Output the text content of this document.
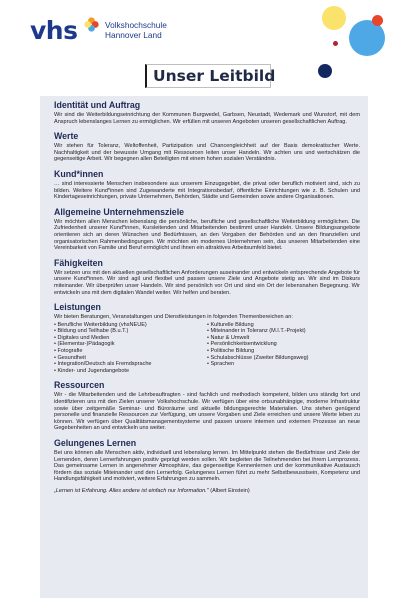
vhs	Volkshochschule
Hannover Land
Unser Leitbild
Identität und Auftrag

Wir sind die Weiterbildungseinrichtung der Kommunen Burgwedel, Garbsen, Neustadt, Wedemark und Wunstorf, mit dem Anspruch lebenslanges Lernen zu ermöglichen. Wir erfüllen mit unseren Angeboten unseren gesellschaftlichen Auftrag.

Werte

Wir stehen für Toleranz, Weltoffenheit, Partizipation und Chancengleichheit auf der Basis demokratischer Werte. Nachhaltigkeit und der bewusste Umgang mit Ressourcen leiten unser Handeln. Wir achten uns und wertschätzen die gegenseitige Arbeit. Wir begegnen allen Beteiligten mit einem hohen sozialen Verständnis.

Kund*innen

… sind interessierte Menschen insbesondere aus unserem Einzugsgebiet, die privat oder beruflich motiviert sind, sich zu bilden. Weitere Kund*innen sind Zugewanderte mit Integrationsbedarf, öffentliche Einrichtungen wie z. B. Schulen und Kindertageseinrichtungen, private Unternehmen, Behörden, Städte und Gemeinden sowie andere Organisationen.

Allgemeine Unternehmensziele

Wir möchten allen Menschen lebenslang die persönliche, berufliche und gesellschaftliche Weiterbildung ermöglichen. Die Zufriedenheit unserer Kund*innen, Kursleitenden und Mitarbeitenden bestimmt unser Handeln. Unsere Bildungsangebote orientieren sich an deren Wünschen und Bedürfnissen, an den Vorgaben der Behörden und an den finanziellen und organisatorischen Rahmenbedingungen. Wir möchten ein modernes Unternehmen sein, das unseren Mitarbeitenden eine Vereinbarkeit von Familie und Beruf ermöglicht und ihnen ein attraktives Arbeitsumfeld bietet.

Fähigkeiten

Wir setzen uns mit den aktuellen gesellschaftlichen Anforderungen auseinander und entwickeln entsprechende Angebote für unsere Kund*innen. Wir sind agil und flexibel und passen unsere Ziele und Angebote stetig an. Wir sind im Diskurs miteinander. Wir überprüfen unser Handeln. Wir sind persönlich vor Ort und sind ein Ort der lebensnahen Begegnung. Wir entwickeln uns mit dem digitalen Wandel weiter. Wir helfen und beraten.

Leistungen

Wir bieten Beratungen, Veranstaltungen und Dienstleistungen in folgenden Themenbereichen an:

• Berufliche Weiterbildung (vhsNEUE)
• Bildung und Teilhabe (B.u.T.)
• Digitales und Medien
• (Elementar-)Pädagogik
• Fotografie
• Gesundheit
• Integration/Deutsch als Fremdsprache
• Kinder- und Jugendangebote
• Kulturelle Bildung
• Miteinander in Toleranz (M.I.T.-Projekt)
• Natur & Umwelt
• Persönlichkeitsentwicklung
• Politische Bildung
• Schulabschlüsse (Zweiter Bildungsweg)
• Sprachen
Ressourcen

Wir - die Mitarbeitenden und die Lehrbeauftragten - sind fachlich und methodisch kompetent, bilden uns ständig fort und identifizieren uns mit den Zielen unserer Volkshochschule. Wir verfügen über eine ortsunabhängige, moderne Infrastruktur sowie über zeitgemäße Seminar- und Büroräume und aktuelle bildungsgerechte Materialien. Uns stehen genügend personelle und finanzielle Ressourcen zur Verfügung, um unsere Vorgaben und Ziele erreichen und unsere Werte leben zu können. Wir verfügen über Qualitätsmanagementsysteme und passen unsere internen und externen Prozesse an neue Gegebenheiten an und entwickeln uns weiter.

Gelungenes Lernen

Bei uns können alle Menschen aktiv, individuell und lebenslang lernen. Im Mittelpunkt stehen die Bedürfnisse und Ziele der Lernenden, deren Lernerfahrungen positiv geprägt werden sollen. Wir begleiten die Teilnehmenden bei ihrem Lernprozess. Das gemeinsame Lernen in angenehmer Atmosphäre, das gegenseitige Kennenlernen und der kommunikative Austausch fördern das soziale Miteinander und den Lernerfolg. Gelungenes Lernen führt zu mehr Selbstbewusstsein, Kompetenz und Handlungsfähigkeit und motiviert, weitere Erfahrungen zu sammeln.

„Lernen ist Erfahrung. Alles andere ist einfach nur Information." (Albert Einstein)
